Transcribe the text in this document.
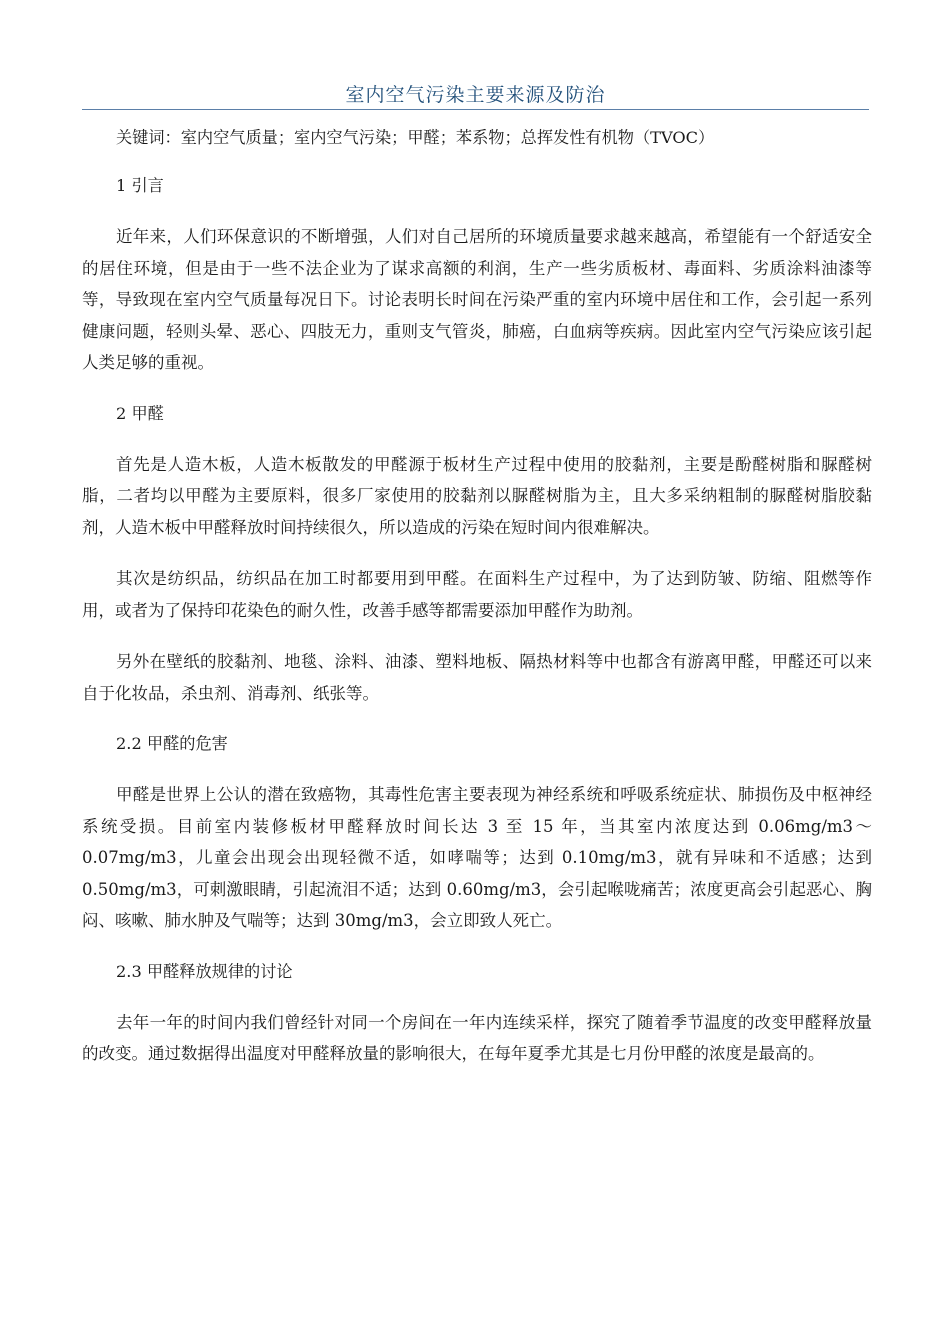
室内空气污染主要来源及防治

关键词：室内空气质量；室内空气污染；甲醛；苯系物；总挥发性有机物（TVOC）

1 引言

近年来，人们环保意识的不断增强，人们对自己居所的环境质量要求越来越高，希望能有一个舒适安全的居住环境，但是由于一些不法企业为了谋求高额的利润，生产一些劣质板材、毒面料、劣质涂料油漆等等，导致现在室内空气质量每况日下。讨论表明长时间在污染严重的室内环境中居住和工作，会引起一系列健康问题，轻则头晕、恶心、四肢无力，重则支气管炎，肺癌，白血病等疾病。因此室内空气污染应该引起人类足够的重视。

2 甲醛

首先是人造木板，人造木板散发的甲醛源于板材生产过程中使用的胶黏剂，主要是酚醛树脂和脲醛树脂，二者均以甲醛为主要原料，很多厂家使用的胶黏剂以脲醛树脂为主，且大多采纳粗制的脲醛树脂胶黏剂，人造木板中甲醛释放时间持续很久，所以造成的污染在短时间内很难解决。

其次是纺织品，纺织品在加工时都要用到甲醛。在面料生产过程中，为了达到防皱、防缩、阻燃等作用，或者为了保持印花染色的耐久性，改善手感等都需要添加甲醛作为助剂。

另外在壁纸的胶黏剂、地毯、涂料、油漆、塑料地板、隔热材料等中也都含有游离甲醛，甲醛还可以来自于化妆品，杀虫剂、消毒剂、纸张等。

2.2 甲醛的危害

甲醛是世界上公认的潜在致癌物，其毒性危害主要表现为神经系统和呼吸系统症状、肺损伤及中枢神经系统受损。目前室内装修板材甲醛释放时间长达 3 至 15 年，当其室内浓度达到 0.06mg/m3～0.07mg/m3，儿童会出现会出现轻微不适，如哮喘等；达到 0.10mg/m3，就有异味和不适感；达到 0.50mg/m3，可刺激眼睛，引起流泪不适；达到 0.60mg/m3，会引起喉咙痛苦；浓度更高会引起恶心、胸闷、咳嗽、肺水肿及气喘等；达到 30mg/m3，会立即致人死亡。

2.3 甲醛释放规律的讨论

去年一年的时间内我们曾经针对同一个房间在一年内连续采样，探究了随着季节温度的改变甲醛释放量的改变。通过数据得出温度对甲醛释放量的影响很大，在每年夏季尤其是七月份甲醛的浓度是最高的。
